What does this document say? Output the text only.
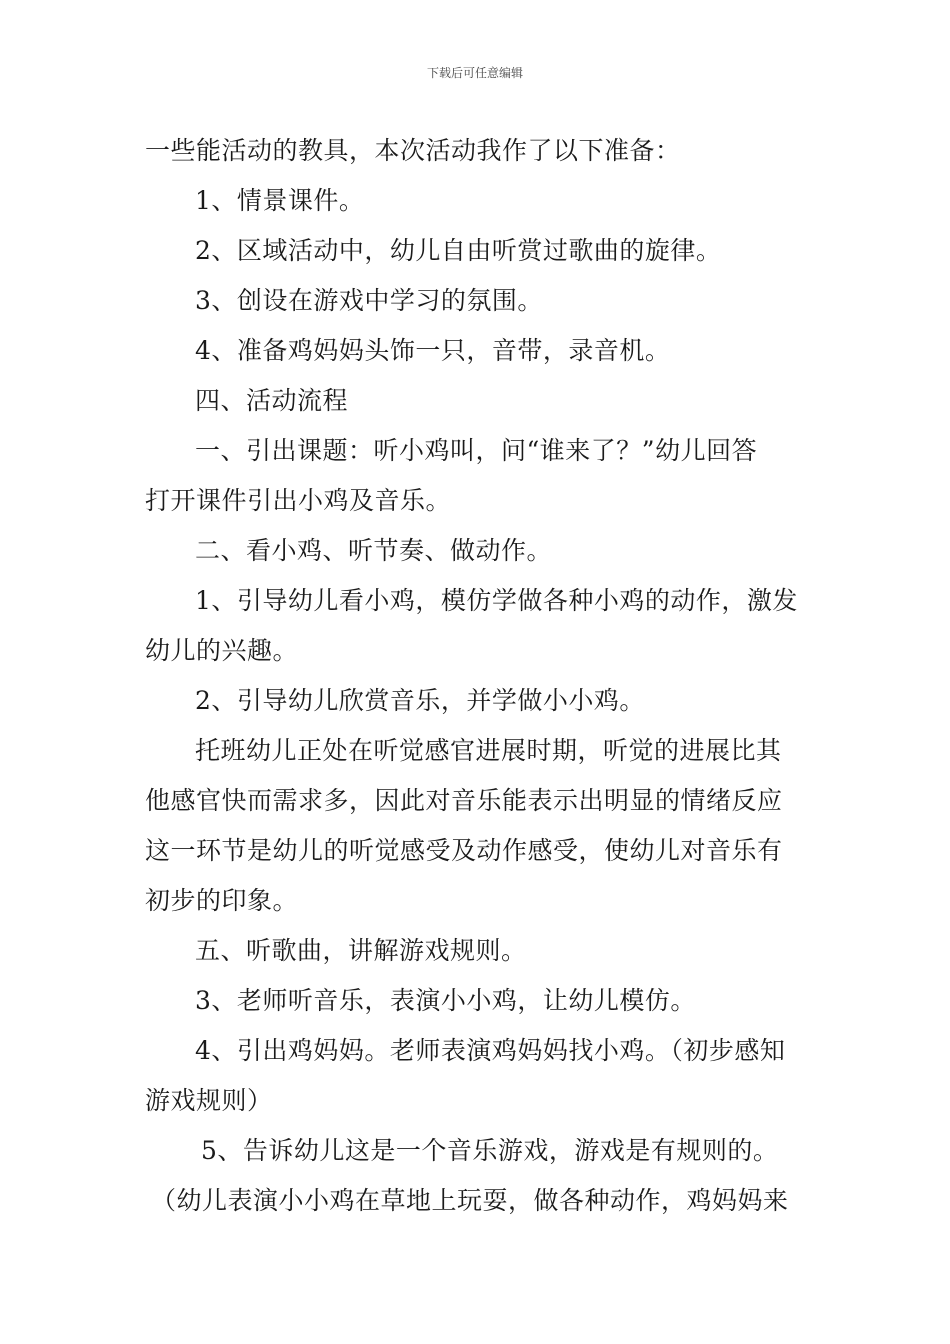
下载后可任意编辑
一些能活动的教具，本次活动我作了以下准备：
1、情景课件。
2、区域活动中，幼儿自由听赏过歌曲的旋律。
3、创设在游戏中学习的氛围。
4、准备鸡妈妈头饰一只，音带，录音机。
四、活动流程
一、引出课题：听小鸡叫，问“谁来了？”幼儿回答
打开课件引出小鸡及音乐。
二、看小鸡、听节奏、做动作。
1、引导幼儿看小鸡，模仿学做各种小鸡的动作，激发
幼儿的兴趣。
2、引导幼儿欣赏音乐，并学做小小鸡。
托班幼儿正处在听觉感官进展时期，听觉的进展比其
他感官快而需求多，因此对音乐能表示出明显的情绪反应
这一环节是幼儿的听觉感受及动作感受，使幼儿对音乐有
初步的印象。
五、听歌曲，讲解游戏规则。
3、老师听音乐，表演小小鸡，让幼儿模仿。
4、引出鸡妈妈。老师表演鸡妈妈找小鸡。（初步感知
游戏规则）
5、告诉幼儿这是一个音乐游戏，游戏是有规则的。
（幼儿表演小小鸡在草地上玩耍，做各种动作，鸡妈妈来
